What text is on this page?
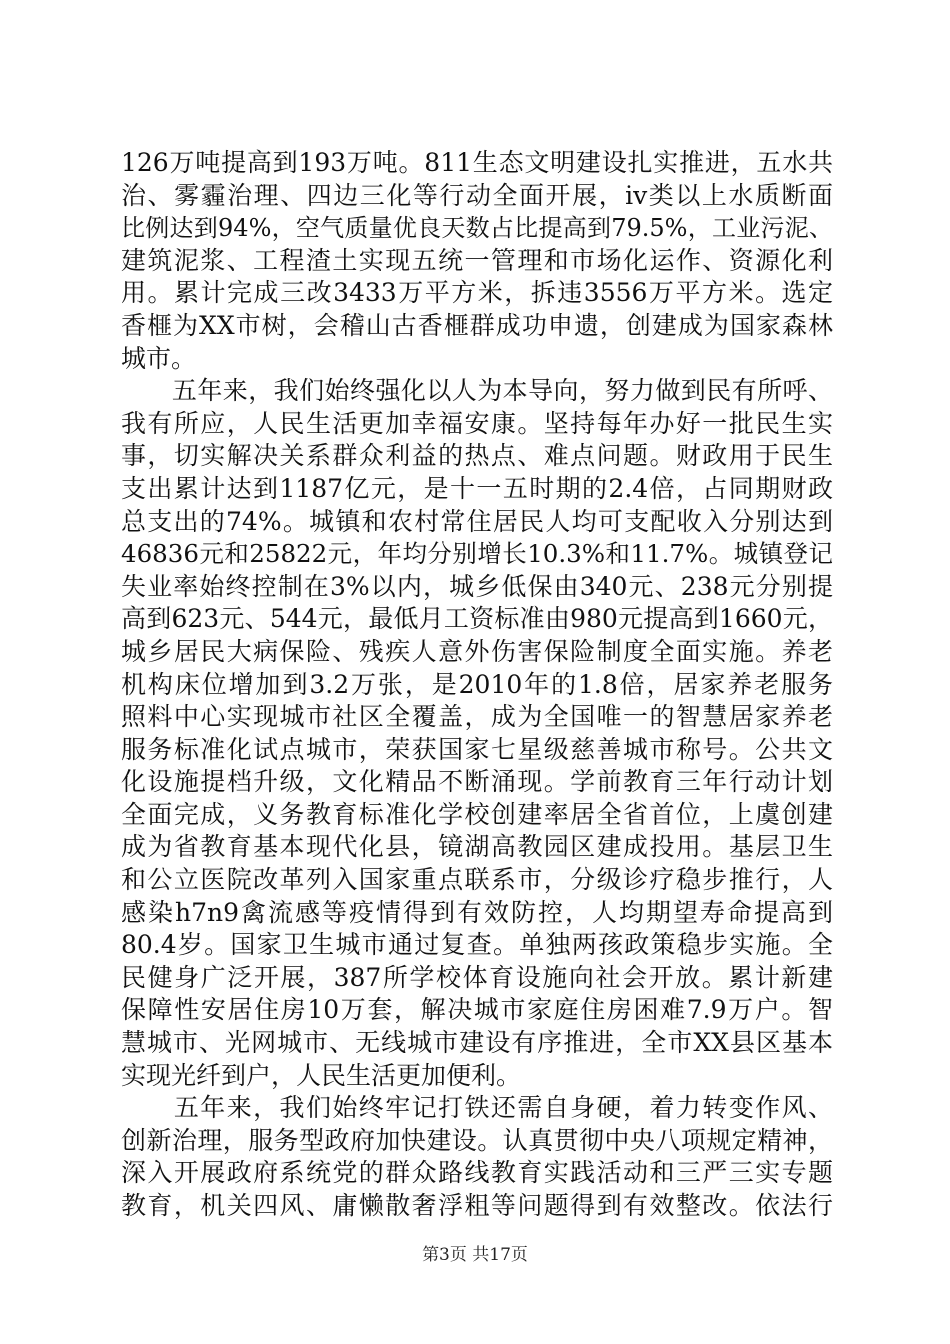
126万吨提高到193万吨。811生态文明建设扎实推进，五水共
治、雾霾治理、四边三化等行动全面开展，iv类以上水质断面
比例达到94%，空气质量优良天数占比提高到79.5%，工业污泥、
建筑泥浆、工程渣土实现五统一管理和市场化运作、资源化利
用。累计完成三改3433万平方米，拆违3556万平方米。选定
香榧为XX市树，会稽山古香榧群成功申遗，创建成为国家森林
城市。
　　五年来，我们始终强化以人为本导向，努力做到民有所呼、
我有所应，人民生活更加幸福安康。坚持每年办好一批民生实
事，切实解决关系群众利益的热点、难点问题。财政用于民生
支出累计达到1187亿元，是十一五时期的2.4倍，占同期财政
总支出的74%。城镇和农村常住居民人均可支配收入分别达到
46836元和25822元，年均分别增长10.3%和11.7%。城镇登记
失业率始终控制在3%以内，城乡低保由340元、238元分别提
高到623元、544元，最低月工资标准由980元提高到1660元，
城乡居民大病保险、残疾人意外伤害保险制度全面实施。养老
机构床位增加到3.2万张，是2010年的1.8倍，居家养老服务
照料中心实现城市社区全覆盖，成为全国唯一的智慧居家养老
服务标准化试点城市，荣获国家七星级慈善城市称号。公共文
化设施提档升级，文化精品不断涌现。学前教育三年行动计划
全面完成，义务教育标准化学校创建率居全省首位，上虞创建
成为省教育基本现代化县，镜湖高教园区建成投用。基层卫生
和公立医院改革列入国家重点联系市，分级诊疗稳步推行，人
感染h7n9禽流感等疫情得到有效防控，人均期望寿命提高到
80.4岁。国家卫生城市通过复查。单独两孩政策稳步实施。全
民健身广泛开展，387所学校体育设施向社会开放。累计新建
保障性安居住房10万套，解决城市家庭住房困难7.9万户。智
慧城市、光网城市、无线城市建设有序推进，全市XX县区基本
实现光纤到户，人民生活更加便利。
　　五年来，我们始终牢记打铁还需自身硬，着力转变作风、
创新治理，服务型政府加快建设。认真贯彻中央八项规定精神，
深入开展政府系统党的群众路线教育实践活动和三严三实专题
教育，机关四风、庸懒散奢浮粗等问题得到有效整改。依法行
第3页 共17页
